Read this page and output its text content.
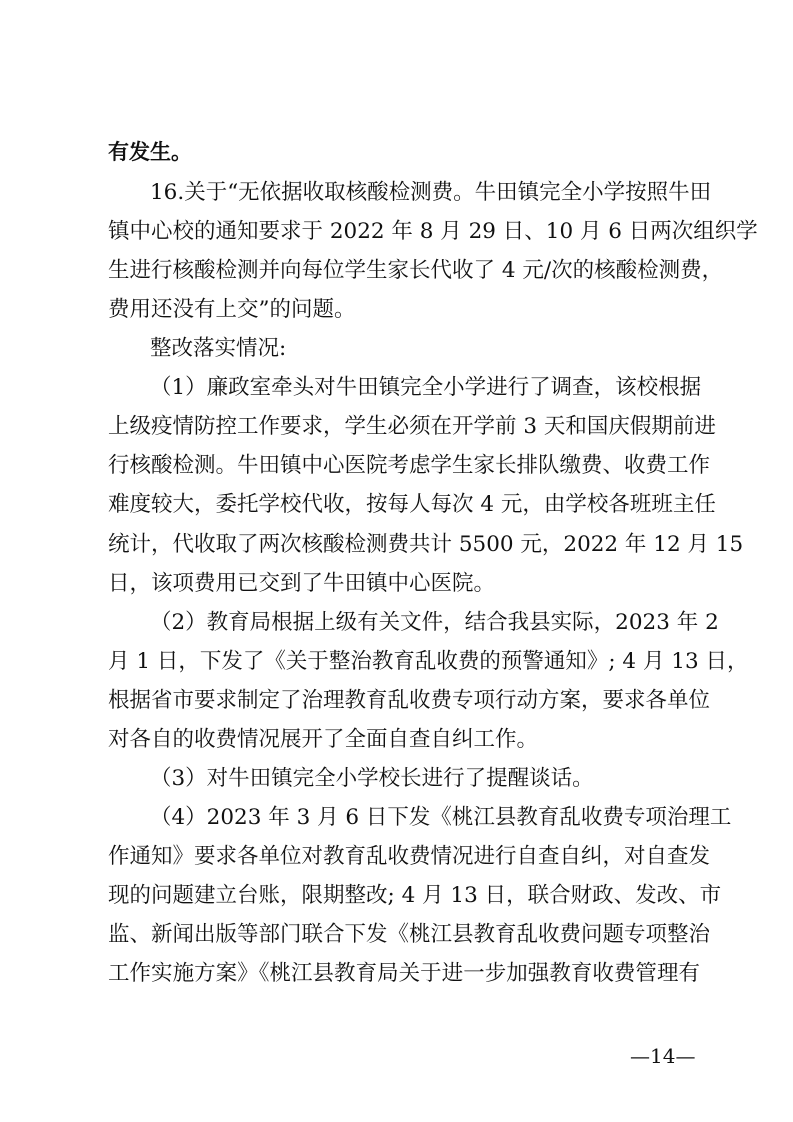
有发生。
16.关于“无依据收取核酸检测费。牛田镇完全小学按照牛田
镇中心校的通知要求于 2022 年 8 月 29 日、10 月 6 日两次组织学
生进行核酸检测并向每位学生家长代收了 4 元/次的核酸检测费，
费用还没有上交”的问题。
整改落实情况:
（1）廉政室牵头对牛田镇完全小学进行了调查，该校根据
上级疫情防控工作要求，学生必须在开学前 3 天和国庆假期前进
行核酸检测。牛田镇中心医院考虑学生家长排队缴费、收费工作
难度较大，委托学校代收，按每人每次 4 元，由学校各班班主任
统计，代收取了两次核酸检测费共计 5500 元，2022 年 12 月 15
日，该项费用已交到了牛田镇中心医院。
（2）教育局根据上级有关文件，结合我县实际，2023 年 2
月 1 日，下发了《关于整治教育乱收费的预警通知》; 4 月 13 日，
根据省市要求制定了治理教育乱收费专项行动方案，要求各单位
对各自的收费情况展开了全面自查自纠工作。
（3）对牛田镇完全小学校长进行了提醒谈话。
（4）2023 年 3 月 6 日下发《桃江县教育乱收费专项治理工
作通知》要求各单位对教育乱收费情况进行自查自纠，对自查发
现的问题建立台账，限期整改; 4 月 13 日，联合财政、发改、市
监、新闻出版等部门联合下发《桃江县教育乱收费问题专项整治
工作实施方案》《桃江县教育局关于进一步加强教育收费管理有
—14—
